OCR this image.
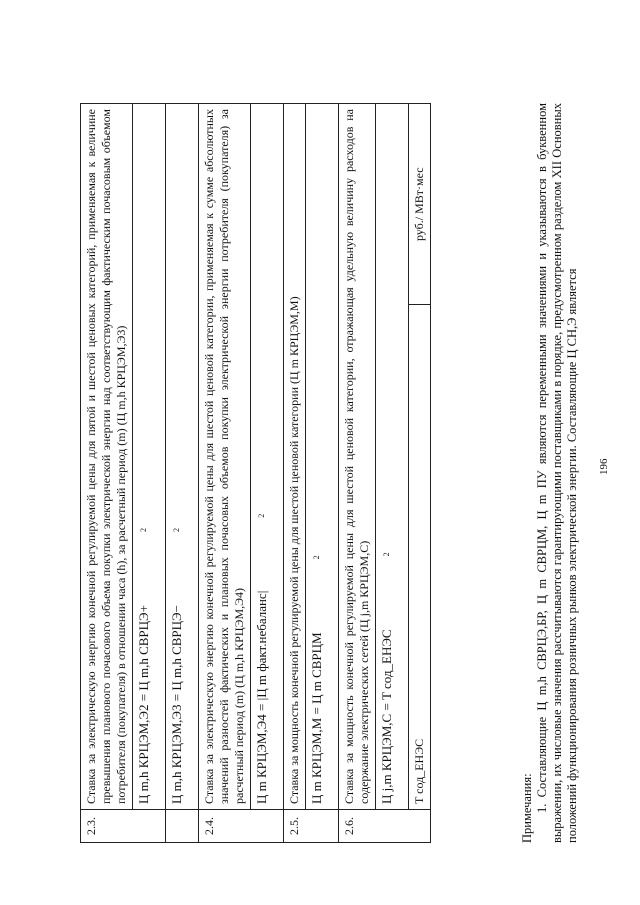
196
2.3.	Ставка за электрическую энергию конечной регулируемой цены для пятой и шестой ценовых категорий, применяемая к величине превышения планового почасового объема покупки электрической энергии над соответствующим фактическим почасовым объемом потребителя (покупателя) в отношении часа (h), за расчетный период (m) (Ц m,h КРЦЭМ,Э3)
Ц m,h КРЦЭМ,Э2 = Ц m,h СВРЦЭ+ $^2$
	Ц m,h КРЦЭМ,Э3 = Ц m,h СВРЦЭ− $^2$
2.4.	Ставка за электрическую энергию конечной регулируемой цены для шестой ценовой категории, применяемая к сумме абсолютных значений разностей фактических и плановых почасовых объемов покупки электрической энергии потребителя (покупателя) за расчетный период (m) (Ц m,h КРЦЭМ,Э4)
Ц m КРЦЭМ,Э4 = |Ц m факт.небаланс| $^2$
2.5.	Ставка за мощность конечной регулируемой цены для шестой ценовой категории (Ц m КРЦЭМ,М)
Ц m КРЦЭМ,М = Ц m СВРЦМ $^2$
2.6.	Ставка за мощность конечной регулируемой цены для шестой ценовой категории, отражающая удельную величину расходов на содержание электрических сетей (Ц j,m КРЦЭМ,С)
Ц j,m КРЦЭМ,С = T сод_ЕНЭС $^2$

T сод_ЕНЭС	руб./ МВт·мес

Примечания: 1. Составляющие Ц m,h СВРЦЭ,БР, Ц m СВРЦМ, Ц m ПУ являются переменными значениями и указываются в буквенном выражении, их числовые значения рассчитываются гарантирующими поставщиками в порядке, предусмотренном разделом XII Основных положений функционирования розничных рынков электрической энергии. Составляющие Ц СН,Э является
